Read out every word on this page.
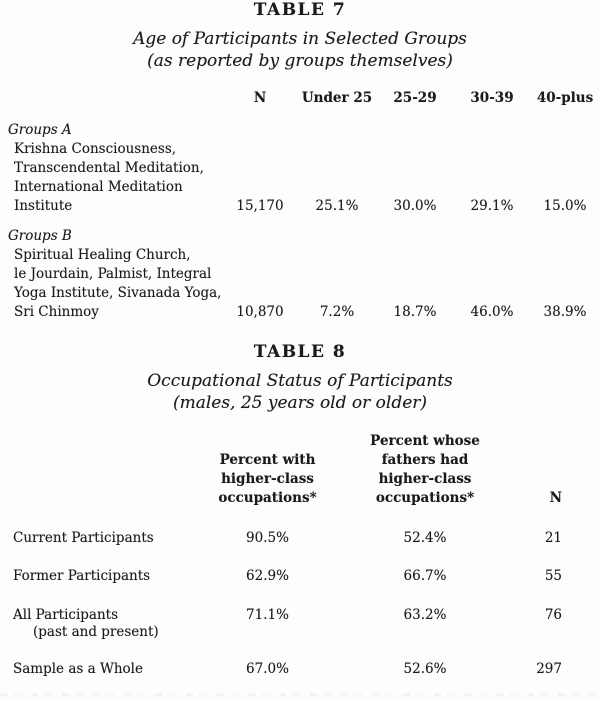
TABLE 7
Age of Participants in Selected Groups
(as reported by groups themselves)
N	Under 25	25-29	30-39	40-plus
Groups A
Krishna Consciousness,
Transcendental Meditation,
International Meditation
Institute	15,170	25.1%	30.0%	29.1%	15.0%
Groups B
Spiritual Healing Church,
le Jourdain, Palmist, Integral
Yoga Institute, Sivanada Yoga,
Sri Chinmoy	10,870	7.2%	18.7%	46.0%	38.9%
TABLE 8
Occupational Status of Participants
(males, 25 years old or older)
Percent with
higher-class
occupations*
Percent whose
fathers had
higher-class
occupations*	N
Current Participants	90.5%	52.4%	21
Former Participants	62.9%	66.7%	55
All Participants
(past and present)
71.1%	63.2%	76
Sample as a Whole	67.0%	52.6%	297
